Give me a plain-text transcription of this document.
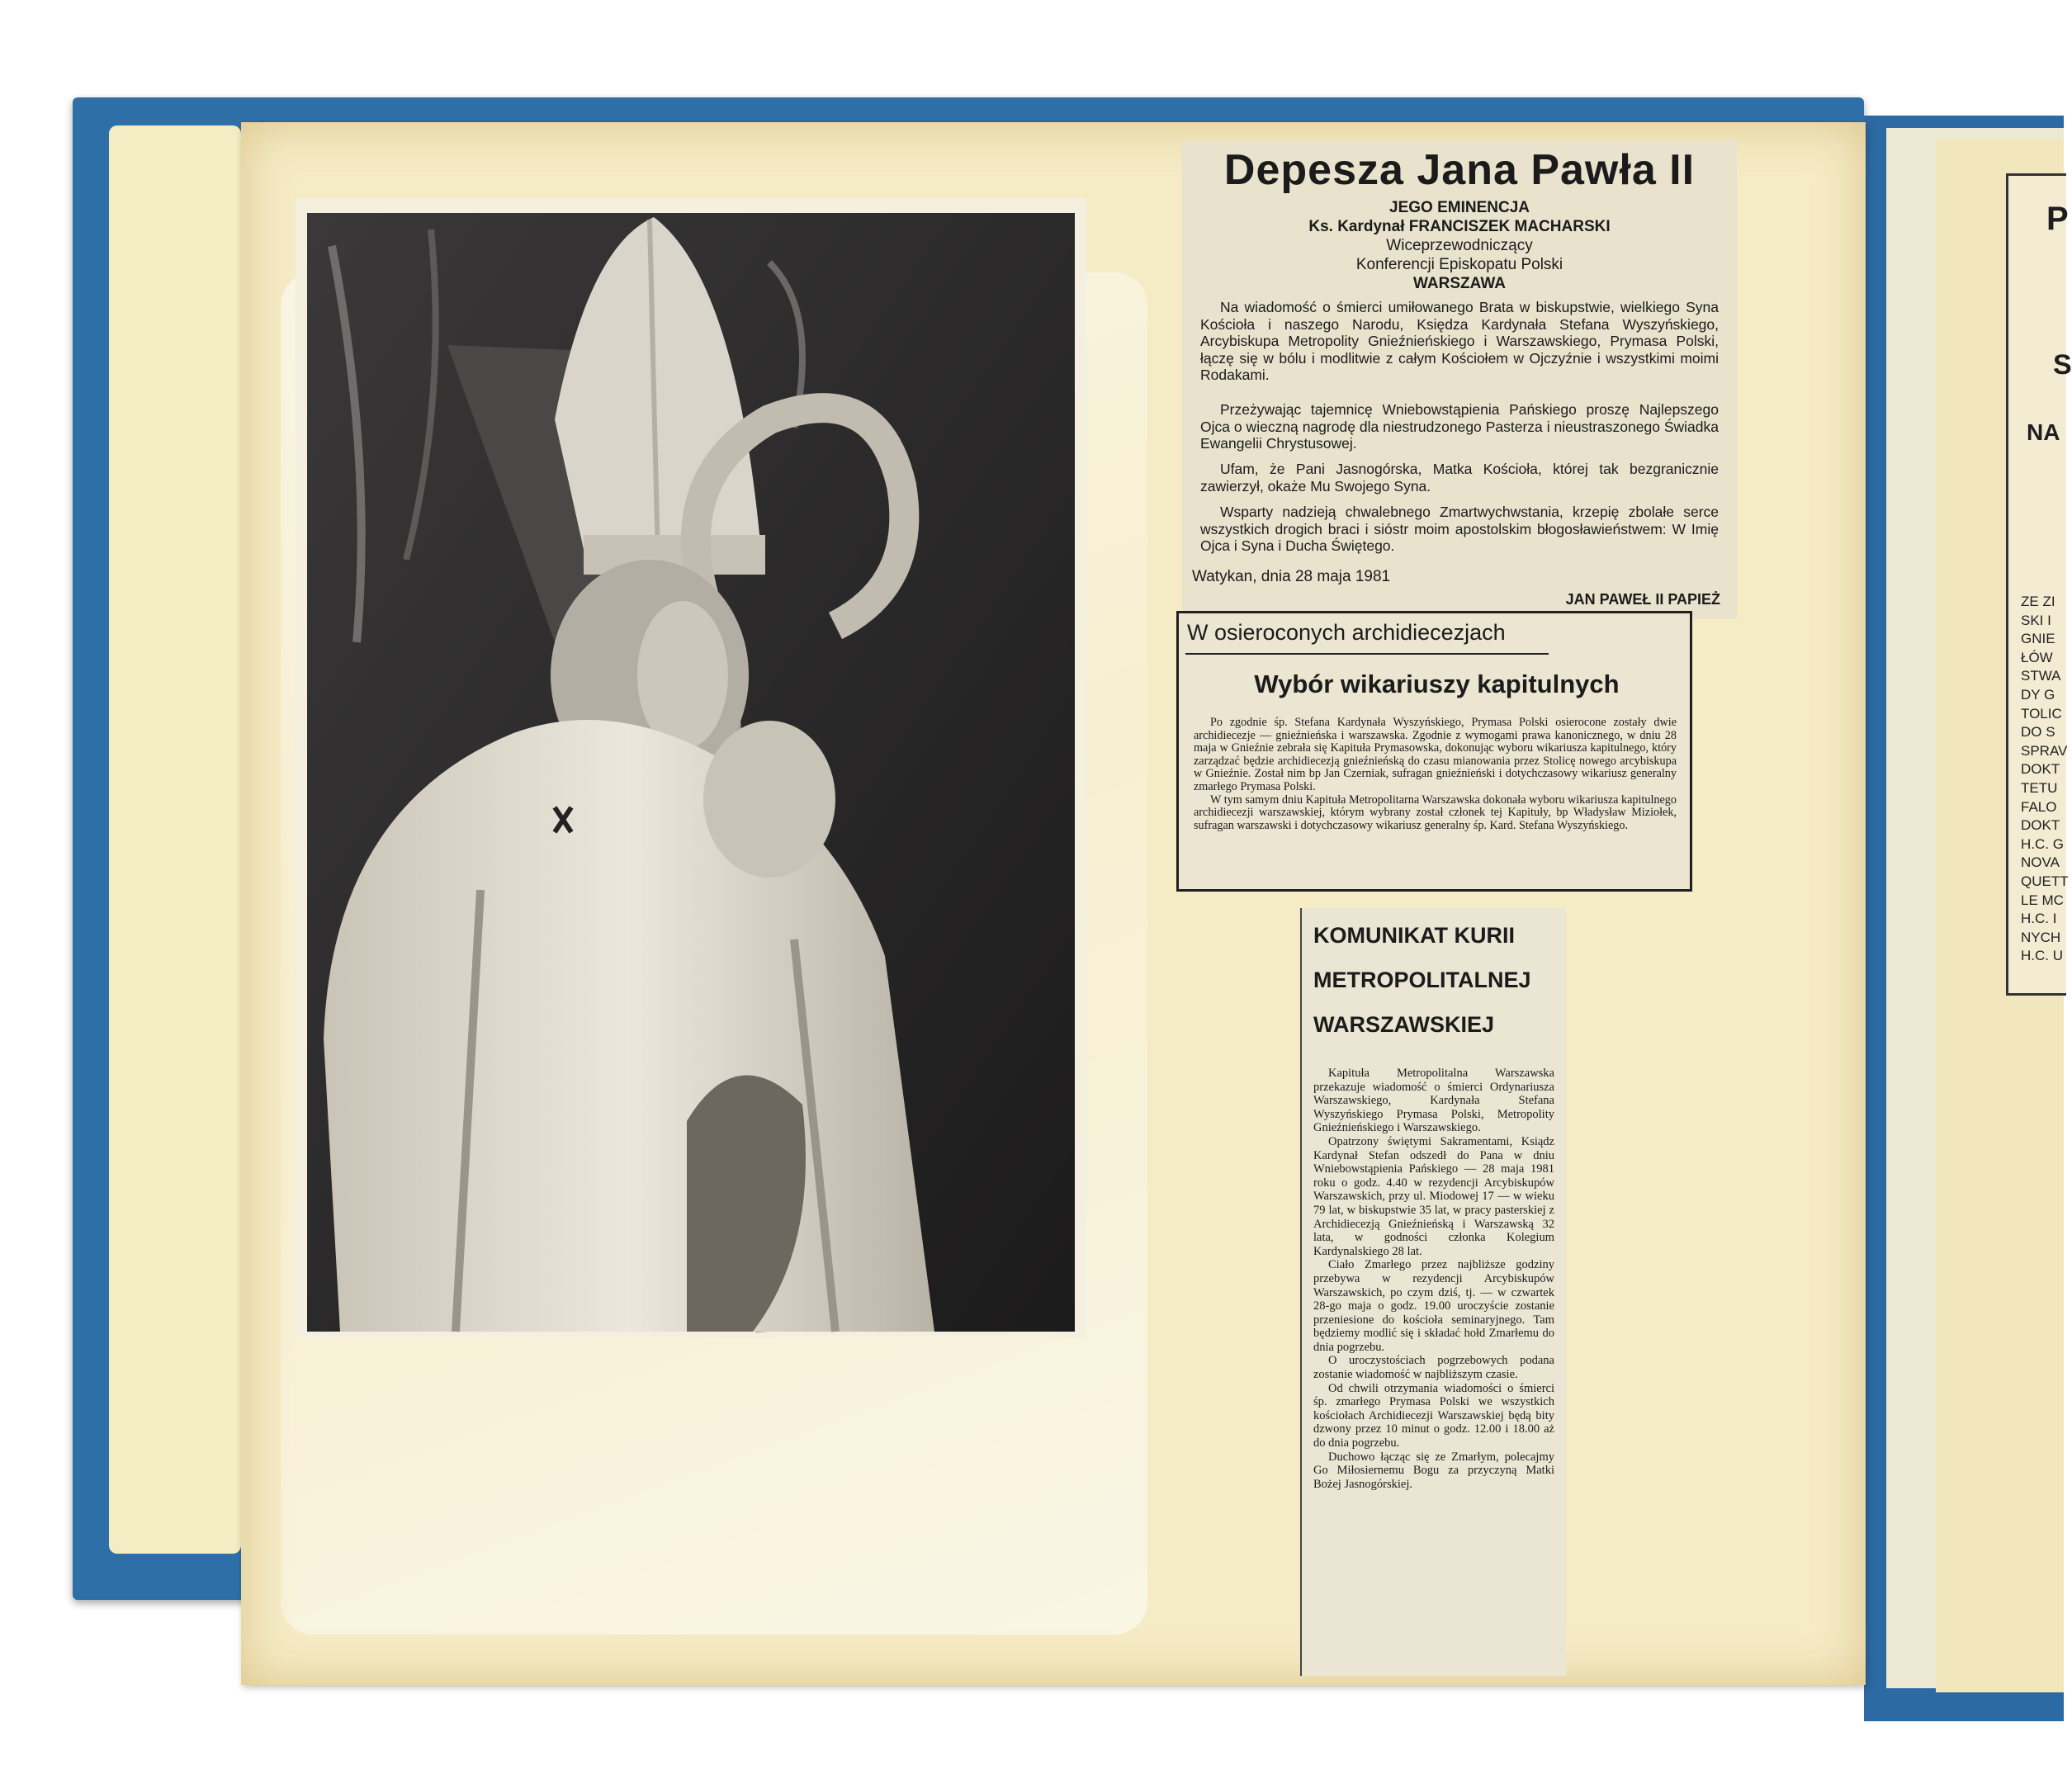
P
S
NA
ZE ZI
SKI I
GNIE
ŁÓW
STWA
DY G
TOLIC
DO S
SPRAV
DOKT
TETU
FALO
DOKT
H.C. G
NOVA
QUETT
LE MC
H.C. I
NYCH
H.C. U
Depesza Jana Pawła II
JEGO EMINENCJA
Ks. Kardynał FRANCISZEK MACHARSKI
Wiceprzewodniczący
Konferencji Episkopatu Polski
WARSZAWA

Na wiadomość o śmierci umiłowanego Brata w biskupstwie, wielkiego Syna Kościoła i naszego Narodu, Księdza Kardynała Stefana Wyszyńskiego, Arcybiskupa Metropolity Gnieźnieńskiego i Warszawskiego, Prymasa Polski, łączę się w bólu i modlitwie z całym Kościołem w Ojczyźnie i wszystkimi moimi Rodakami.

Przeżywając tajemnicę Wniebowstąpienia Pańskiego proszę Najlepszego Ojca o wieczną nagrodę dla niestrudzonego Pasterza i nieustraszonego Świadka Ewangelii Chrystusowej.

Ufam, że Pani Jasnogórska, Matka Kościoła, której tak bezgranicznie zawierzył, okaże Mu Swojego Syna.

Wsparty nadzieją chwalebnego Zmartwychwstania, krzepię zbolałe serce wszystkich drogich braci i sióstr moim apostolskim błogosławieństwem: W Imię Ojca i Syna i Ducha Świętego.

Watykan, dnia 28 maja 1981
JAN PAWEŁ II PAPIEŻ
W osieroconych archidiecezjach
Wybór wikariuszy kapitulnych

Po zgodnie śp. Stefana Kardynała Wyszyńskiego, Prymasa Polski osierocone zostały dwie archidiecezje — gnieźnieńska i warszawska. Zgodnie z wymogami prawa kanonicznego, w dniu 28 maja w Gnieźnie zebrała się Kapituła Prymasowska, dokonując wyboru wikariusza kapitulnego, który zarządzać będzie archidiecezją gnieźnieńską do czasu mianowania przez Stolicę nowego arcybiskupa w Gnieźnie. Został nim bp Jan Czerniak, sufragan gnieźnieński i dotychczasowy wikariusz generalny zmarłego Prymasa Polski.

W tym samym dniu Kapituła Metropolitarna Warszawska dokonała wyboru wikariusza kapitulnego archidiecezji warszawskiej, którym wybrany został członek tej Kapituły, bp Władysław Miziołek, sufragan warszawski i dotychczasowy wikariusz generalny śp. Kard. Stefana Wyszyńskiego.

KOMUNIKAT KURII
METROPOLITALNEJ
WARSZAWSKIEJ

Kapituła Metropolitalna Warszawska przekazuje wiadomość o śmierci Ordynariusza Warszawskiego, Kardynała Stefana Wyszyńskiego Prymasa Polski, Metropolity Gnieźnieńskiego i Warszawskiego.

Opatrzony świętymi Sakramentami, Ksiądz Kardynał Stefan odszedł do Pana w dniu Wniebowstąpienia Pańskiego — 28 maja 1981 roku o godz. 4.40 w rezydencji Arcybiskupów Warszawskich, przy ul. Miodowej 17 — w wieku 79 lat, w biskupstwie 35 lat, w pracy pasterskiej z Archidiecezją Gnieźnieńską i Warszawską 32 lata, w godności członka Kolegium Kardynalskiego 28 lat.

Ciało Zmarłego przez najbliższe godziny przebywa w rezydencji Arcybiskupów Warszawskich, po czym dziś, tj. — w czwartek 28-go maja o godz. 19.00 uroczyście zostanie przeniesione do kościoła seminaryjnego. Tam będziemy modlić się i składać hołd Zmarłemu do dnia pogrzebu.

O uroczystościach pogrzebowych podana zostanie wiadomość w najbliższym czasie.

Od chwili otrzymania wiadomości o śmierci śp. zmarłego Prymasa Polski we wszystkich kościołach Archidiecezji Warszawskiej będą bity dzwony przez 10 minut o godz. 12.00 i 18.00 aż do dnia pogrzebu.

Duchowo łącząc się ze Zmarłym, polecajmy Go Miłosiernemu Bogu za przyczyną Matki Bożej Jasnogórskiej.
